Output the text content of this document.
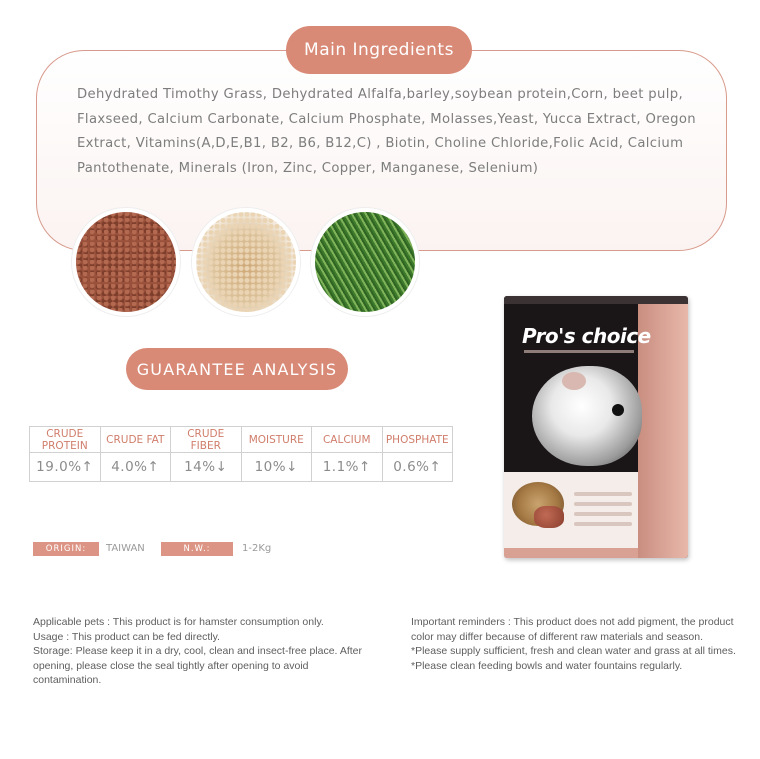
Main Ingredients

Dehydrated Timothy Grass, Dehydrated Alfalfa,barley,soybean protein,Corn, beet pulp, Flaxseed, Calcium Carbonate, Calcium Phosphate, Molasses,Yeast, Yucca Extract, Oregon Extract, Vitamins(A,D,E,B1, B2, B6, B12,C) , Biotin, Choline Chloride,Folic Acid, Calcium Pantothenate, Minerals (Iron, Zinc, Copper, Manganese, Selenium)

GUARANTEE ANALYSIS
CRUDE PROTEIN	CRUDE FAT	CRUDE FIBER	MOISTURE	CALCIUM	PHOSPHATE
19.0%↑	4.0%↑	14%↓	10%↓	1.1%↑	0.6%↑
ORIGIN:	TAIWAN	N.W.:	1-2Kg
Pro's choice
Applicable pets : This product is for hamster consumption only.
Usage : This product can be fed directly.
Storage: Please keep it in a dry, cool, clean and insect-free place. After opening, please close the seal tightly after opening to avoid contamination.
Important reminders : This product does not add pigment, the product color may differ because of different raw materials and season.
*Please supply sufficient, fresh and clean water and grass at all times.
*Please clean feeding bowls and water fountains regularly.
